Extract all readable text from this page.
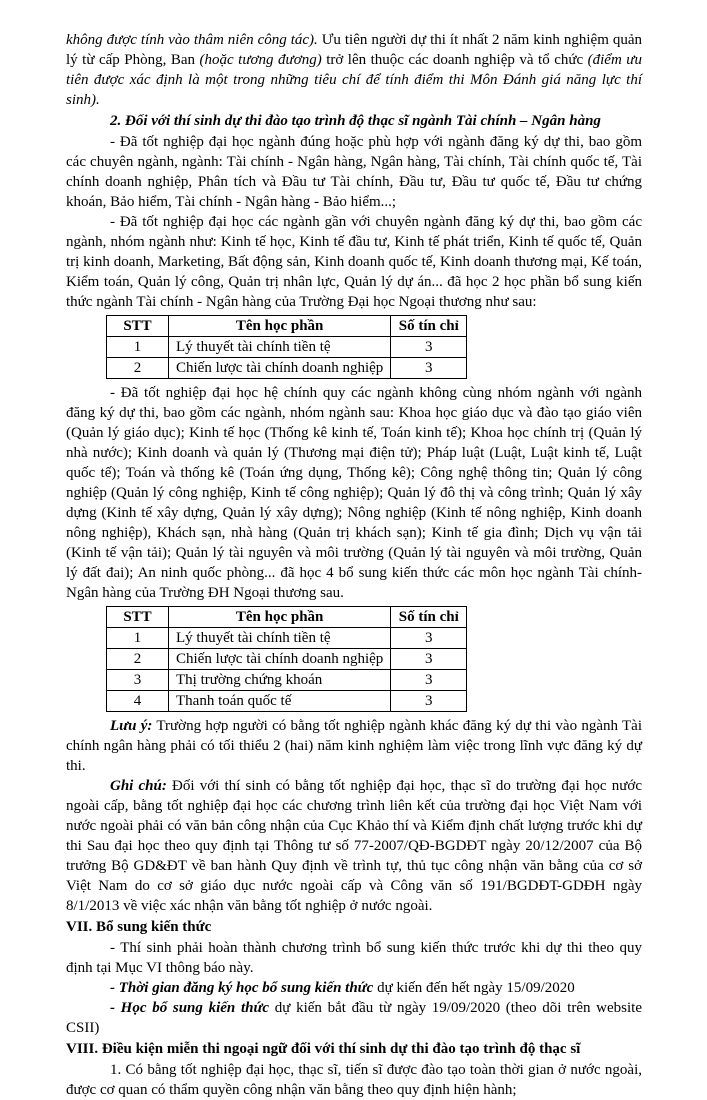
không được tính vào thâm niên công tác). Ưu tiên người dự thi ít nhất 2 năm kinh nghiệm quản lý từ cấp Phòng, Ban (hoặc tương đương) trở lên thuộc các doanh nghiệp và tổ chức (điểm ưu tiên được xác định là một trong những tiêu chí để tính điểm thi Môn Đánh giá năng lực thí sinh).

2. Đối với thí sinh dự thi đào tạo trình độ thạc sĩ ngành Tài chính – Ngân hàng

- Đã tốt nghiệp đại học ngành đúng hoặc phù hợp với ngành đăng ký dự thi, bao gồm các chuyên ngành, ngành: Tài chính - Ngân hàng, Ngân hàng, Tài chính, Tài chính quốc tế, Tài chính doanh nghiệp, Phân tích và Đầu tư Tài chính, Đầu tư, Đầu tư quốc tế, Đầu tư chứng khoán, Bảo hiểm, Tài chính - Ngân hàng - Bảo hiểm...;

- Đã tốt nghiệp đại học các ngành gần với chuyên ngành đăng ký dự thi, bao gồm các ngành, nhóm ngành như: Kinh tế học, Kinh tế đầu tư, Kinh tế phát triển, Kinh tế quốc tế, Quản trị kinh doanh, Marketing, Bất động sản, Kinh doanh quốc tế, Kinh doanh thương mại, Kế toán, Kiểm toán, Quản lý công, Quản trị nhân lực, Quản lý dự án... đã học 2 học phần bổ sung kiến thức ngành Tài chính - Ngân hàng của Trường Đại học Ngoại thương như sau:

STT	Tên học phần	Số tín chỉ
1	Lý thuyết tài chính tiền tệ	3
2	Chiến lược tài chính doanh nghiệp	3

- Đã tốt nghiệp đại học hệ chính quy các ngành không cùng nhóm ngành với ngành đăng ký dự thi, bao gồm các ngành, nhóm ngành sau: Khoa học giáo dục và đào tạo giáo viên (Quản lý giáo dục); Kinh tế học (Thống kê kinh tế, Toán kinh tế); Khoa học chính trị (Quản lý nhà nước); Kinh doanh và quản lý (Thương mại điện tử); Pháp luật (Luật, Luật kinh tế, Luật quốc tế); Toán và thống kê (Toán ứng dụng, Thống kê); Công nghệ thông tin; Quản lý công nghiệp (Quản lý công nghiệp, Kinh tế công nghiệp); Quản lý đô thị và công trình; Quản lý xây dựng (Kinh tế xây dựng, Quản lý xây dựng); Nông nghiệp (Kinh tế nông nghiệp, Kinh doanh nông nghiệp), Khách sạn, nhà hàng (Quản trị khách sạn); Kinh tế gia đình; Dịch vụ vận tải (Kinh tế vận tải); Quản lý tài nguyên và môi trường (Quản lý tài nguyên và môi trường, Quản lý đất đai); An ninh quốc phòng... đã học 4 bổ sung kiến thức các môn học ngành Tài chính-Ngân hàng của Trường ĐH Ngoại thương sau.

STT	Tên học phần	Số tín chỉ
1	Lý thuyết tài chính tiền tệ	3
2	Chiến lược tài chính doanh nghiệp	3
3	Thị trường chứng khoán	3
4	Thanh toán quốc tế	3

Lưu ý: Trường hợp người có bằng tốt nghiệp ngành khác đăng ký dự thi vào ngành Tài chính ngân hàng phải có tối thiểu 2 (hai) năm kinh nghiệm làm việc trong lĩnh vực đăng ký dự thi.

Ghi chú: Đối với thí sinh có bằng tốt nghiệp đại học, thạc sĩ do trường đại học nước ngoài cấp, bằng tốt nghiệp đại học các chương trình liên kết của trường đại học Việt Nam với nước ngoài phải có văn bản công nhận của Cục Khảo thí và Kiểm định chất lượng trước khi dự thi Sau đại học theo quy định tại Thông tư số 77-2007/QĐ-BGDĐT ngày 20/12/2007 của Bộ trưởng Bộ GD&ĐT về ban hành Quy định về trình tự, thủ tục công nhận văn bằng của cơ sở Việt Nam do cơ sở giáo dục nước ngoài cấp và Công văn số 191/BGDĐT-GDĐH ngày 8/1/2013 về việc xác nhận văn bằng tốt nghiệp ở nước ngoài.

VII. Bổ sung kiến thức

- Thí sinh phải hoàn thành chương trình bổ sung kiến thức trước khi dự thi theo quy định tại Mục VI thông báo này.

- Thời gian đăng ký học bổ sung kiến thức dự kiến đến hết ngày 15/09/2020

- Học bổ sung kiến thức dự kiến bắt đầu từ ngày 19/09/2020 (theo dõi trên website CSII)

VIII. Điều kiện miễn thi ngoại ngữ đối với thí sinh dự thi đào tạo trình độ thạc sĩ

1. Có bằng tốt nghiệp đại học, thạc sĩ, tiến sĩ được đào tạo toàn thời gian ở nước ngoài, được cơ quan có thẩm quyền công nhận văn bằng theo quy định hiện hành;
